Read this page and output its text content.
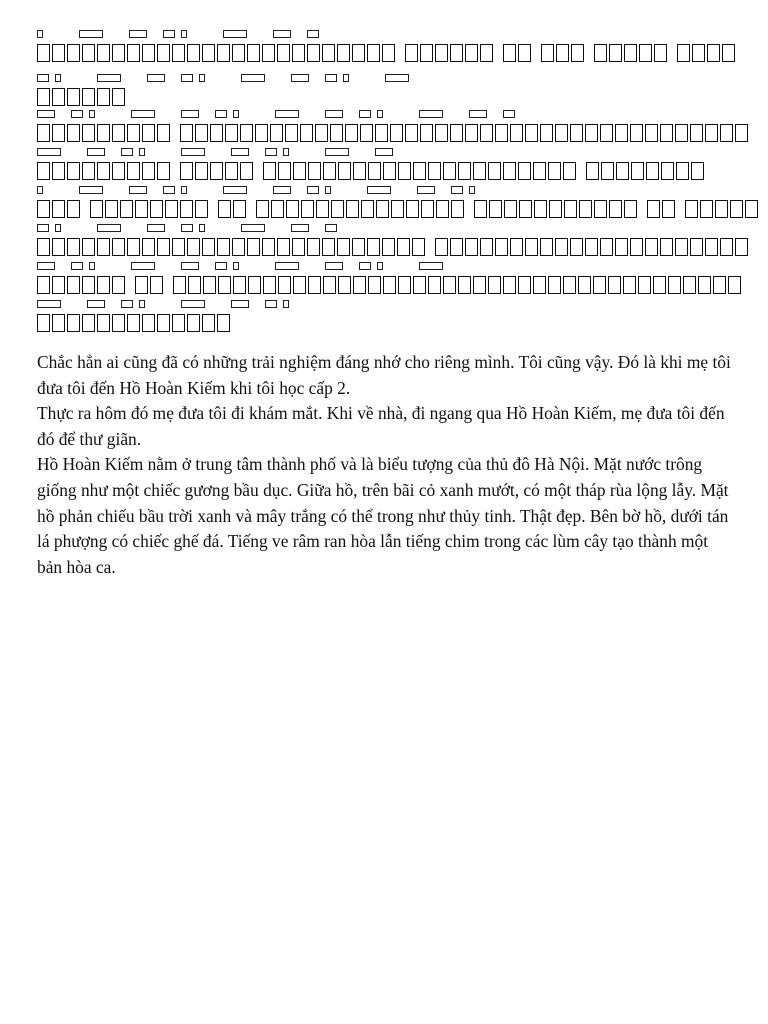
Chắc hẳn ai cũng đã có những trải nghiệm đáng nhớ cho riêng mình. Tôi cũng vậy. Đó là khi mẹ tôi đưa tôi đến Hồ Hoàn Kiếm khi tôi học cấp 2.

Thực ra hôm đó mẹ đưa tôi đi khám mắt. Khi về nhà, đi ngang qua Hồ Hoàn Kiếm, mẹ đưa tôi đến đó để thư giãn.

Hồ Hoàn Kiếm nằm ở trung tâm thành phố và là biểu tượng của thủ đô Hà Nội. Mặt nước trông giống như một chiếc gương bầu dục. Giữa hồ, trên bãi cỏ xanh mướt, có một tháp rùa lộng lẫy. Mặt hồ phản chiếu bầu trời xanh và mây trắng có thể trong như thủy tinh. Thật đẹp. Bên bờ hồ, dưới tán lá phượng có chiếc ghế đá. Tiếng ve râm ran hòa lẫn tiếng chim trong các lùm cây tạo thành một bản hòa ca.
